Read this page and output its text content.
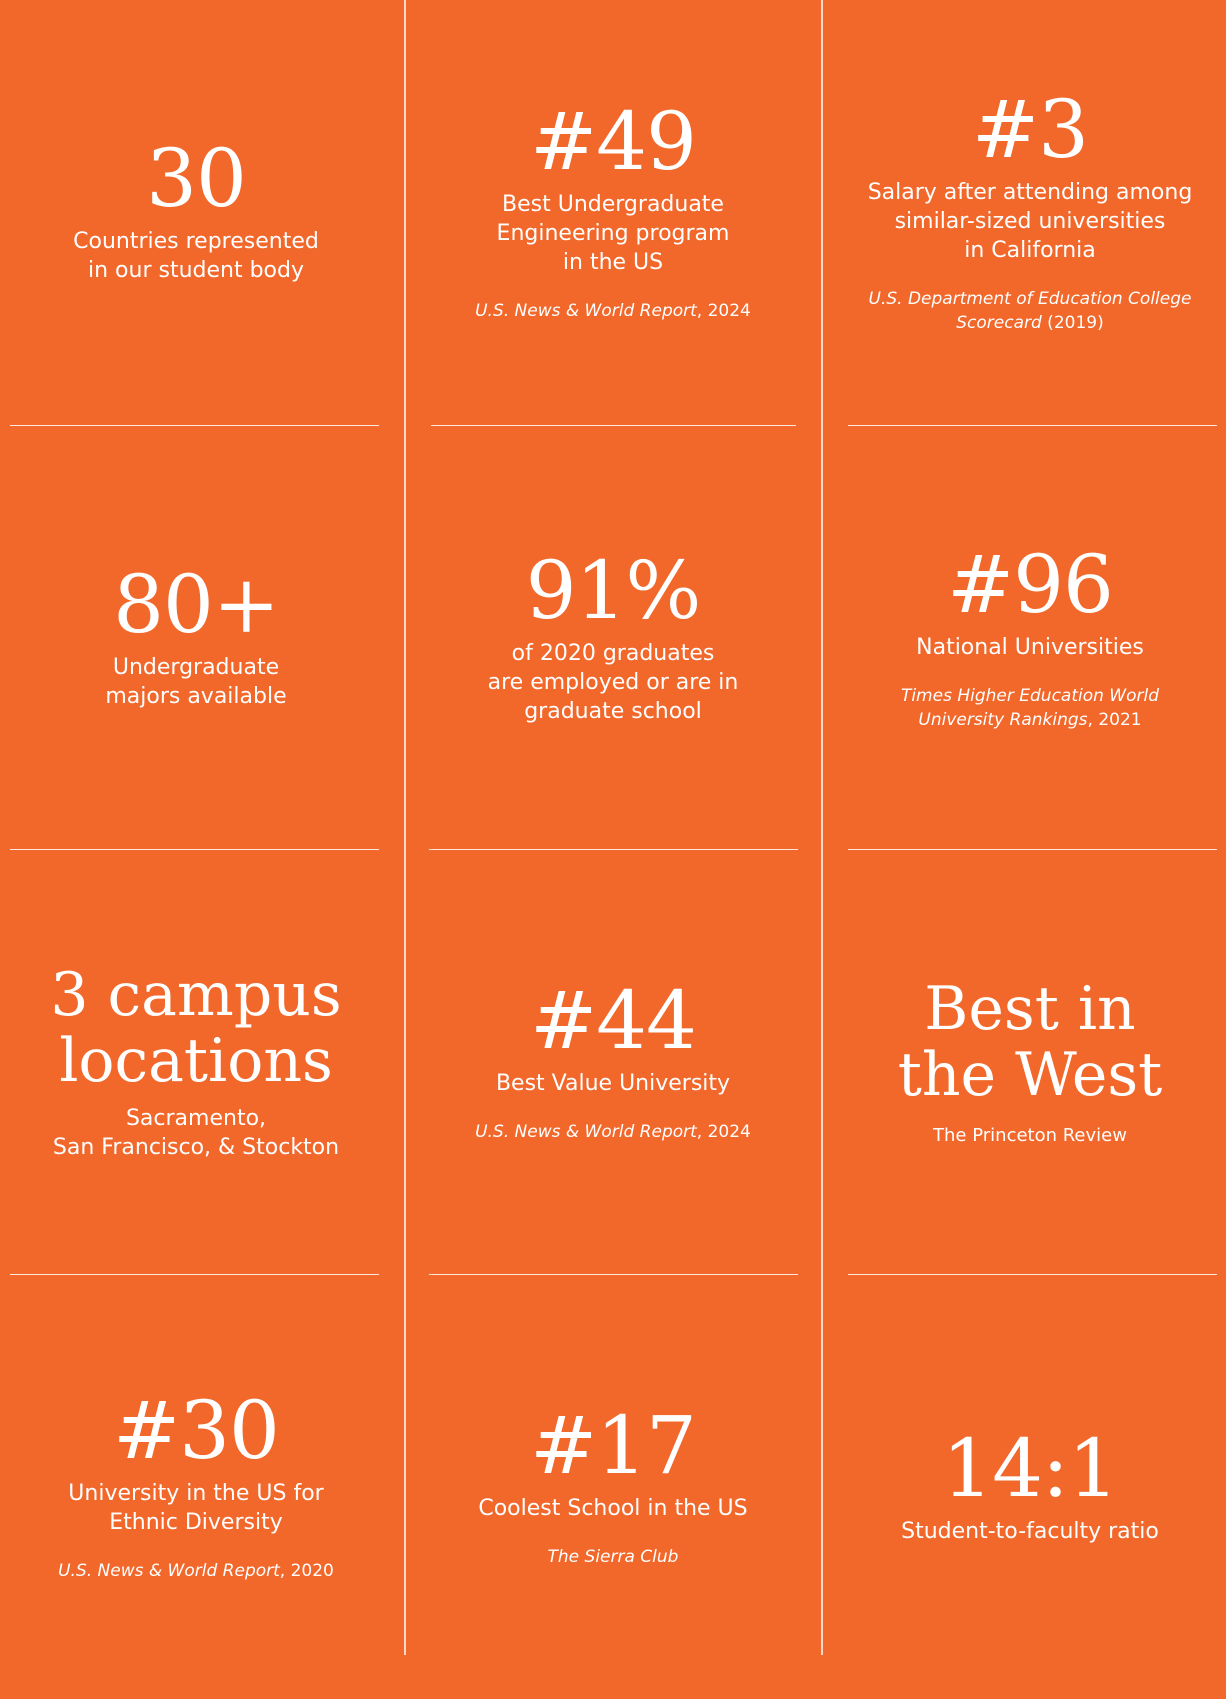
30
Countries represented
in our student body
#49
Best Undergraduate
Engineering program
in the US
U.S. News & World Report, 2024
#3
Salary after attending among
similar-sized universities
in California
U.S. Department of Education College
Scorecard (2019)
80+
Undergraduate
majors available
91%
of 2020 graduates
are employed or are in
graduate school
#96
National Universities
Times Higher Education World
University Rankings, 2021
3 campus
locations
Sacramento,
San Francisco, & Stockton
#44
Best Value University
U.S. News & World Report, 2024
Best in
the West
The Princeton Review
#30
University in the US for
Ethnic Diversity
U.S. News & World Report, 2020
#17
Coolest School in the US
The Sierra Club
14:1
Student-to-faculty ratio
